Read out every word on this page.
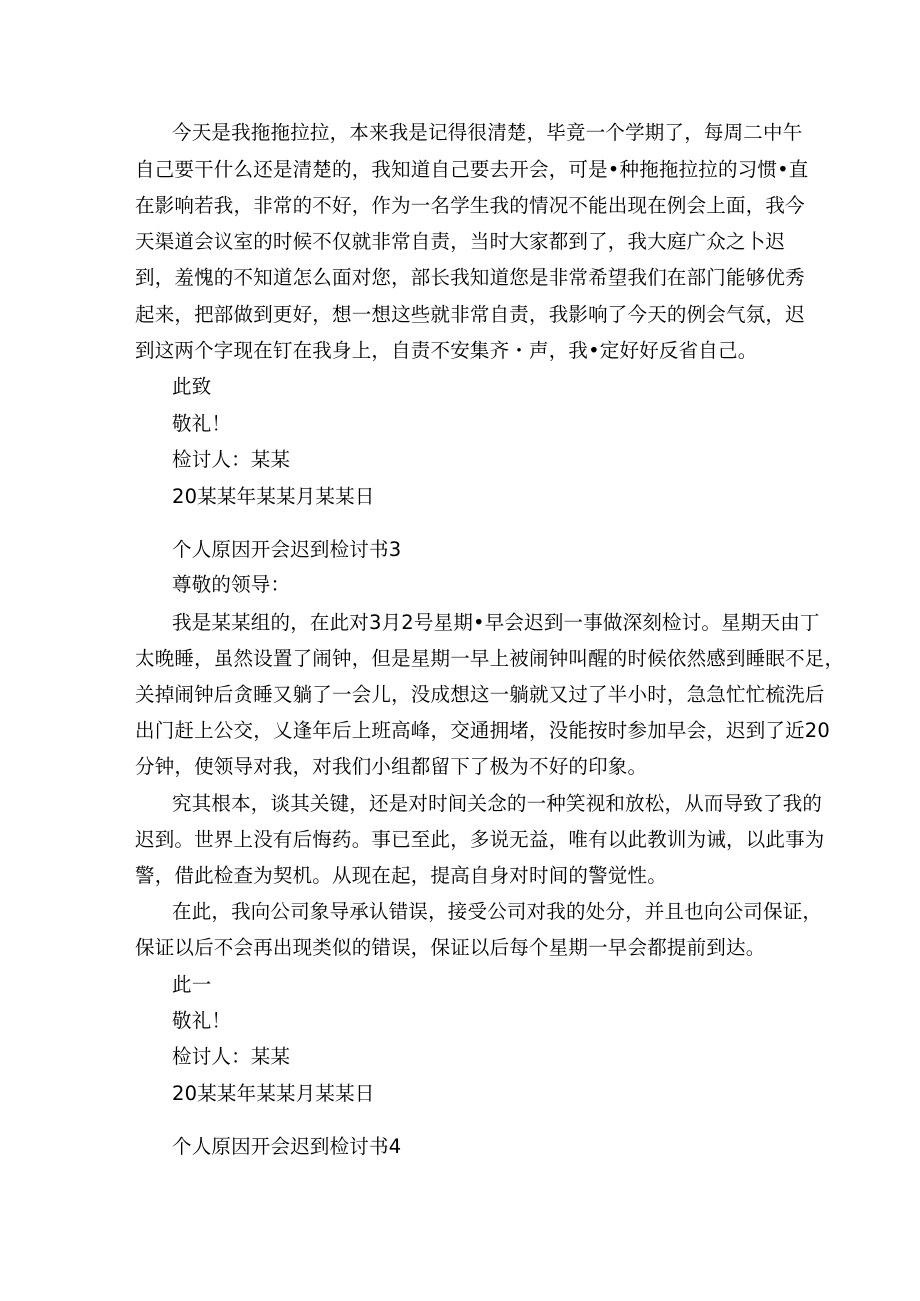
今天是我拖拖拉拉，本来我是记得很清楚，毕竟一个学期了，每周二中午
自己要干什么还是清楚的，我知道自己要去开会，可是•种拖拖拉拉的习惯•直
在影响若我，非常的不好，作为一名学生我的情况不能出现在例会上面，我今
天渠道会议室的时候不仅就非常自责，当时大家都到了，我大庭广众之卜迟
到，羞愧的不知道怎么面对您，部长我知道您是非常希望我们在部门能够优秀
起来，把部做到更好，想一想这些就非常自责，我影响了今天的例会气氛，迟
到这两个字现在钉在我身上，自责不安集齐・声，我•定好好反省自己。
此致
敬礼！
检讨人：某某
20某某年某某月某某日
个人原因开会迟到检讨书3
尊敬的领导：
我是某某组的，在此对3月2号星期•早会迟到一事做深刻检讨。星期天由丁
太晚睡，虽然设置了闹钟，但是星期一早上被闹钟叫醒的时候依然感到睡眠不足，
关掉闹钟后贪睡又躺了一会儿，没成想这一躺就又过了半小时，急急忙忙梳洗后
出门赶上公交，乂逢年后上班高峰，交通拥堵，没能按时参加早会，迟到了近20
分钟，使领导对我，对我们小组都留下了极为不好的印象。
究其根本，谈其关键，还是对时间关念的一种笑视和放松，从而导致了我的
迟到。世界上没有后悔药。事已至此，多说无益，唯有以此教训为诫，以此事为
警，借此检查为契机。从现在起，提高自身对时间的警觉性。
在此，我向公司象导承认错误，接受公司对我的处分，并且也向公司保证，
保证以后不会再出现类似的错误，保证以后每个星期一早会都提前到达。
此一
敬礼！
检讨人：某某
20某某年某某月某某日
个人原因开会迟到检讨书4
